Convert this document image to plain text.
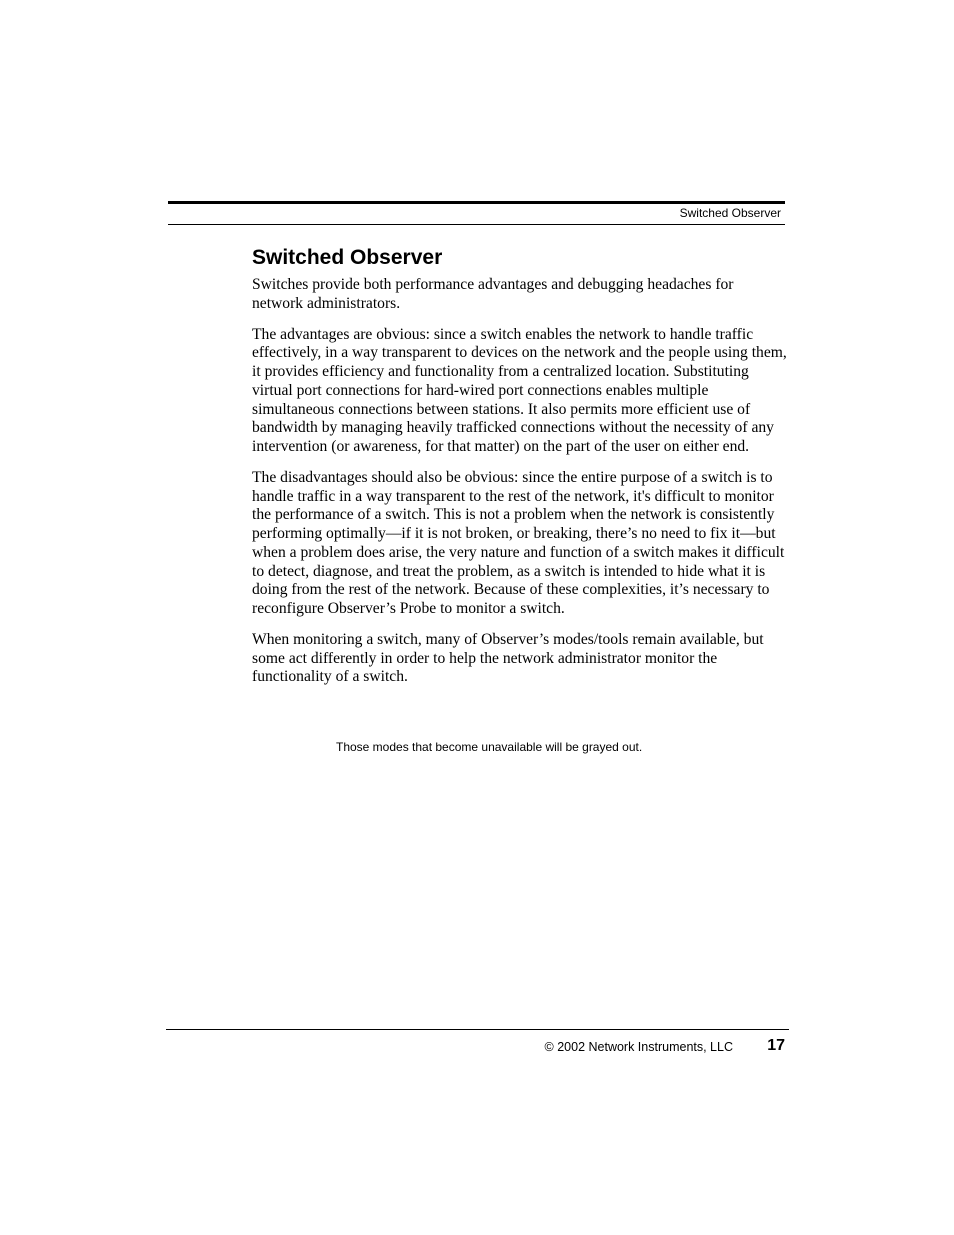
Switched Observer
Switched Observer

Switches provide both performance advantages and debugging headaches for network administrators.

The advantages are obvious: since a switch enables the network to handle traffic effectively, in a way transparent to devices on the network and the people using them, it provides efficiency and functionality from a centralized location. Substituting virtual port connections for hard-wired port connections enables multiple simultaneous connections between stations. It also permits more efficient use of bandwidth by managing heavily trafficked connections without the necessity of any intervention (or awareness, for that matter) on the part of the user on either end.

The disadvantages should also be obvious: since the entire purpose of a switch is to handle traffic in a way transparent to the rest of the network, it's difficult to monitor the performance of a switch. This is not a problem when the network is consistently performing optimally—if it is not broken, or breaking, there’s no need to fix it—but when a problem does arise, the very nature and function of a switch makes it difficult to detect, diagnose, and treat the problem, as a switch is intended to hide what it is doing from the rest of the network. Because of these complexities, it’s necessary to reconfigure Observer’s Probe to monitor a switch.

When monitoring a switch, many of Observer’s modes/tools remain available, but some act differently in order to help the network administrator monitor the functionality of a switch.

Those modes that become unavailable will be grayed out.
© 2002 Network Instruments, LLC 17
